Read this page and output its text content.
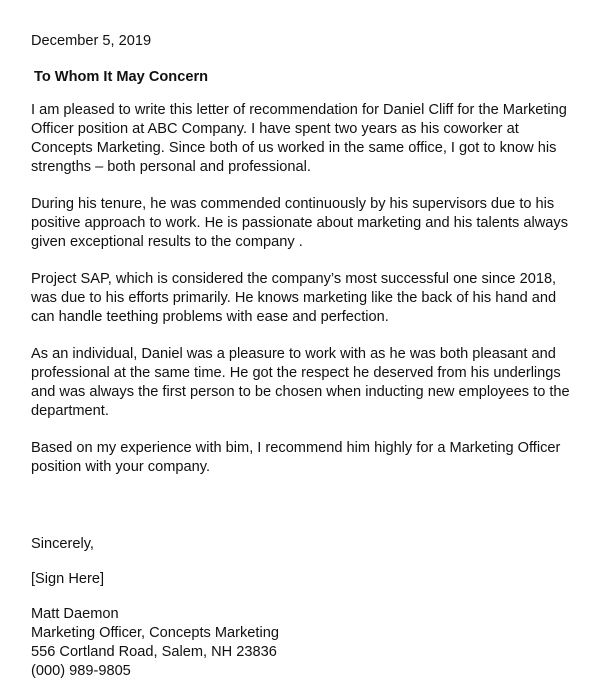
December 5, 2019

To Whom It May Concern

I am pleased to write this letter of recommendation for Daniel Cliff for the Marketing Officer position at ABC Company. I have spent two years as his coworker at Concepts Marketing. Since both of us worked in the same office, I got to know his strengths – both personal and professional.

During his tenure, he was commended continuously by his supervisors due to his positive approach to work. He is passionate about marketing and his talents always given exceptional results to the company .

Project SAP, which is considered the company’s most successful one since 2018, was due to his efforts primarily. He knows marketing like the back of his hand and can handle teething problems with ease and perfection.

As an individual, Daniel was a pleasure to work with as he was both pleasant and professional at the same time. He got the respect he deserved from his underlings and was always the first person to be chosen when inducting new employees to the department.

Based on my experience with bim, I recommend him highly for a Marketing Officer position with your company.

Sincerely,

[Sign Here]

Matt Daemon
Marketing Officer, Concepts Marketing
556 Cortland Road, Salem, NH 23836
(000) 989-9805
